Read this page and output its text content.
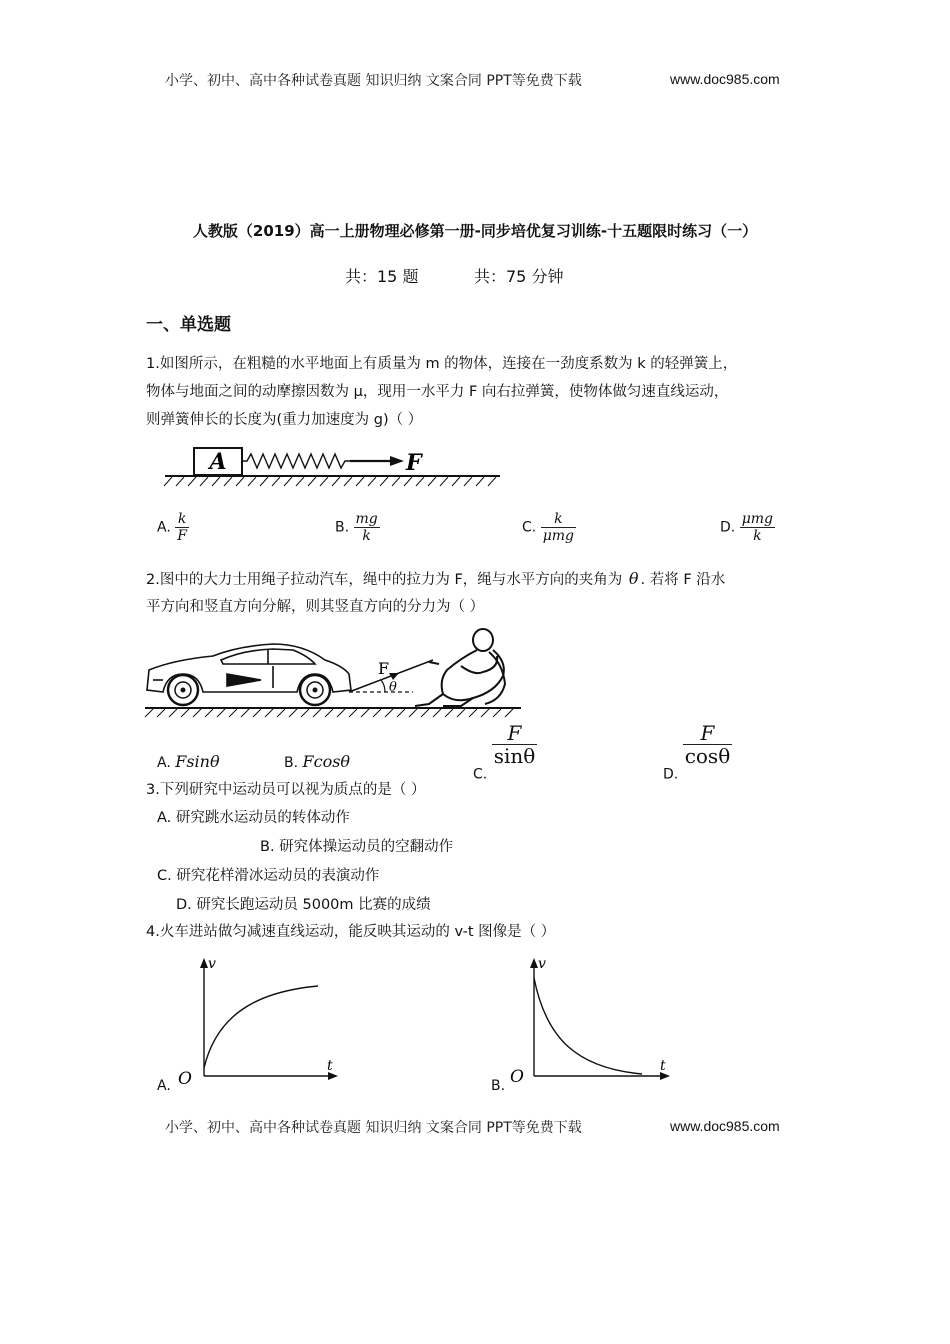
小学、初中、高中各种试卷真题 知识归纳 文案合同 PPT等免费下载	www.doc985.com
人教版（2019）高一上册物理必修第一册-同步培优复习训练-十五题限时练习（一）
共：15 题	共：75 分钟
一、单选题
1.如图所示，在粗糙的水平地面上有质量为 m 的物体，连接在一劲度系数为 k 的轻弹簧上，
物体与地面之间的动摩擦因数为 μ，现用一水平力 F 向右拉弹簧，使物体做匀速直线运动，
则弹簧伸长的长度为(重力加速度为 g)（ ）
A	F
A. $\frac{k}{F}$	B. $\frac{mg}{k}$	C. $\frac{k}{\text{μmg}}$	D. $\frac{\text{μmg}}{k}$
2.图中的大力士用绳子拉动汽车，绳中的拉力为 F，绳与水平方向的夹角为 θ . 若将 F 沿水
平方向和竖直方向分解，则其竖直方向的分力为（ ）
F
θ
A. Fsinθ	B. Fcosθ
C.
$\frac{F}{\sin\theta}$
D.
$\frac{F}{\cos\theta}$
3.下列研究中运动员可以视为质点的是（ ）
A. 研究跳水运动员的转体动作
B. 研究体操运动员的空翻动作
C. 研究花样滑冰运动员的表演动作
D. 研究长跑运动员 5000m 比赛的成绩
4.火车进站做匀减速直线运动，能反映其运动的 v-t 图像是（ ）
A.
v
t
O	B.
v
t
O
小学、初中、高中各种试卷真题 知识归纳 文案合同 PPT等免费下载	www.doc985.com
